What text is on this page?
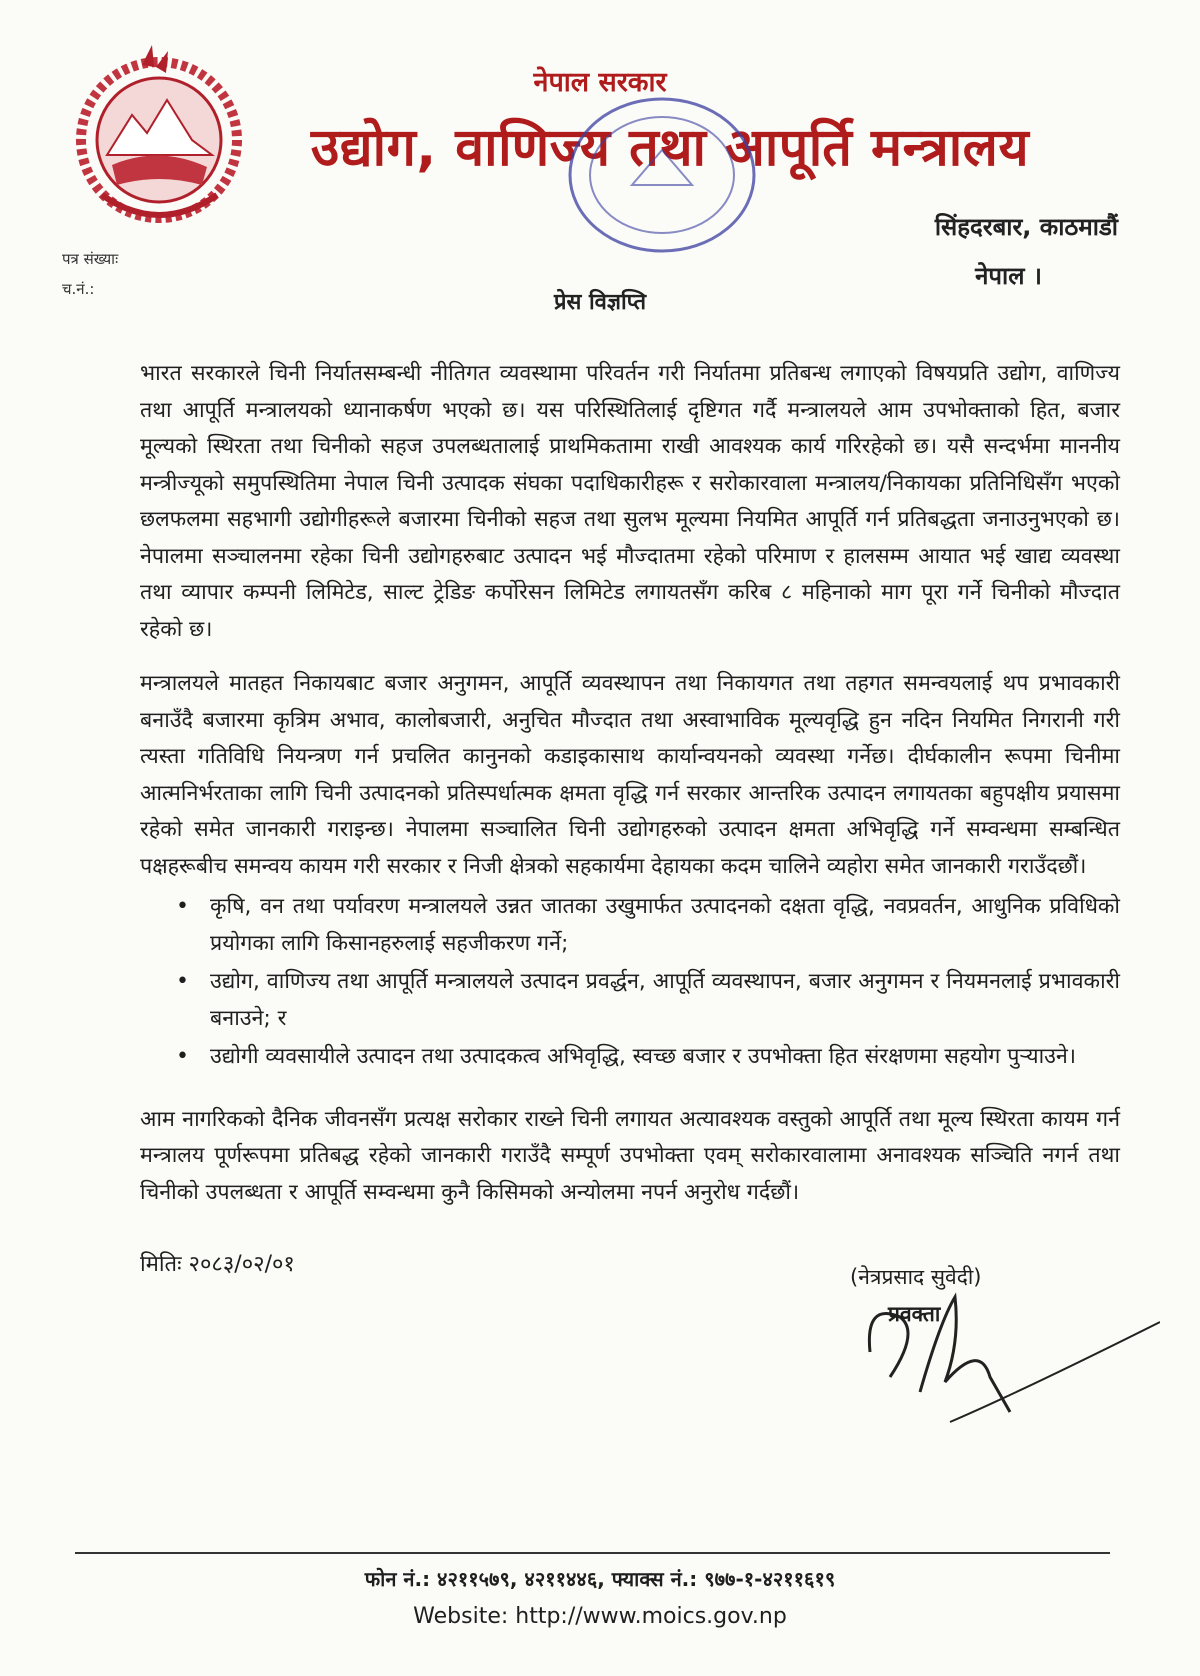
नेपाल सरकार
उद्योग, वाणिज्य तथा आपूर्ति मन्त्रालय
सिंहदरबार, काठमाडौं
नेपाल ।
पत्र संख्याः
च.नं.:
प्रेस विज्ञप्ति

भारत सरकारले चिनी निर्यातसम्बन्धी नीतिगत व्यवस्थामा परिवर्तन गरी निर्यातमा प्रतिबन्ध लगाएको विषयप्रति उद्योग, वाणिज्य तथा आपूर्ति मन्त्रालयको ध्यानाकर्षण भएको छ। यस परिस्थितिलाई दृष्टिगत गर्दै मन्त्रालयले आम उपभोक्ताको हित, बजार मूल्यको स्थिरता तथा चिनीको सहज उपलब्धतालाई प्राथमिकतामा राखी आवश्यक कार्य गरिरहेको छ। यसै सन्दर्भमा माननीय मन्त्रीज्यूको समुपस्थितिमा नेपाल चिनी उत्पादक संघका पदाधिकारीहरू र सरोकारवाला मन्त्रालय/निकायका प्रतिनिधिसँग भएको छलफलमा सहभागी उद्योगीहरूले बजारमा चिनीको सहज तथा सुलभ मूल्यमा नियमित आपूर्ति गर्न प्रतिबद्धता जनाउनुभएको छ। नेपालमा सञ्चालनमा रहेका चिनी उद्योगहरुबाट उत्पादन भई मौज्दातमा रहेको परिमाण र हालसम्म आयात भई खाद्य व्यवस्था तथा व्यापार कम्पनी लिमिटेड, साल्ट ट्रेडिङ कर्पोरेसन लिमिटेड लगायतसँग करिब ८ महिनाको माग पूरा गर्ने चिनीको मौज्दात रहेको छ।

मन्त्रालयले मातहत निकायबाट बजार अनुगमन, आपूर्ति व्यवस्थापन तथा निकायगत तथा तहगत समन्वयलाई थप प्रभावकारी बनाउँदै बजारमा कृत्रिम अभाव, कालोबजारी, अनुचित मौज्दात तथा अस्वाभाविक मूल्यवृद्धि हुन नदिन नियमित निगरानी गरी त्यस्ता गतिविधि नियन्त्रण गर्न प्रचलित कानुनको कडाइकासाथ कार्यान्वयनको व्यवस्था गर्नेछ। दीर्घकालीन रूपमा चिनीमा आत्मनिर्भरताका लागि चिनी उत्पादनको प्रतिस्पर्धात्मक क्षमता वृद्धि गर्न सरकार आन्तरिक उत्पादन लगायतका बहुपक्षीय प्रयासमा रहेको समेत जानकारी गराइन्छ। नेपालमा सञ्चालित चिनी उद्योगहरुको उत्पादन क्षमता अभिवृद्धि गर्ने सम्वन्धमा सम्बन्धित पक्षहरूबीच समन्वय कायम गरी सरकार र निजी क्षेत्रको सहकार्यमा देहायका कदम चालिने व्यहोरा समेत जानकारी गराउँदछौं।

• कृषि, वन तथा पर्यावरण मन्त्रालयले उन्नत जातका उखुमार्फत उत्पादनको दक्षता वृद्धि, नवप्रवर्तन, आधुनिक प्रविधिको प्रयोगका लागि किसानहरुलाई सहजीकरण गर्ने;
• उद्योग, वाणिज्य तथा आपूर्ति मन्त्रालयले उत्पादन प्रवर्द्धन, आपूर्ति व्यवस्थापन, बजार अनुगमन र नियमनलाई प्रभावकारी बनाउने; र
• उद्योगी व्यवसायीले उत्पादन तथा उत्पादकत्व अभिवृद्धि, स्वच्छ बजार र उपभोक्ता हित संरक्षणमा सहयोग पुऱ्याउने।

आम नागरिकको दैनिक जीवनसँग प्रत्यक्ष सरोकार राख्ने चिनी लगायत अत्यावश्यक वस्तुको आपूर्ति तथा मूल्य स्थिरता कायम गर्न मन्त्रालय पूर्णरूपमा प्रतिबद्ध रहेको जानकारी गराउँदै सम्पूर्ण उपभोक्ता एवम् सरोकारवालामा अनावश्यक सञ्चिति नगर्न तथा चिनीको उपलब्धता र आपूर्ति सम्वन्धमा कुनै किसिमको अन्योलमा नपर्न अनुरोध गर्दछौं।

मितिः २०८३/०२/०१	(नेत्रप्रसाद सुवेदी)
प्रवक्ता
फोन नं.: ४२११५७९, ४२११४४६, फ्याक्स नं.: ९७७-१-४२११६१९
Website: http://www.moics.gov.np
